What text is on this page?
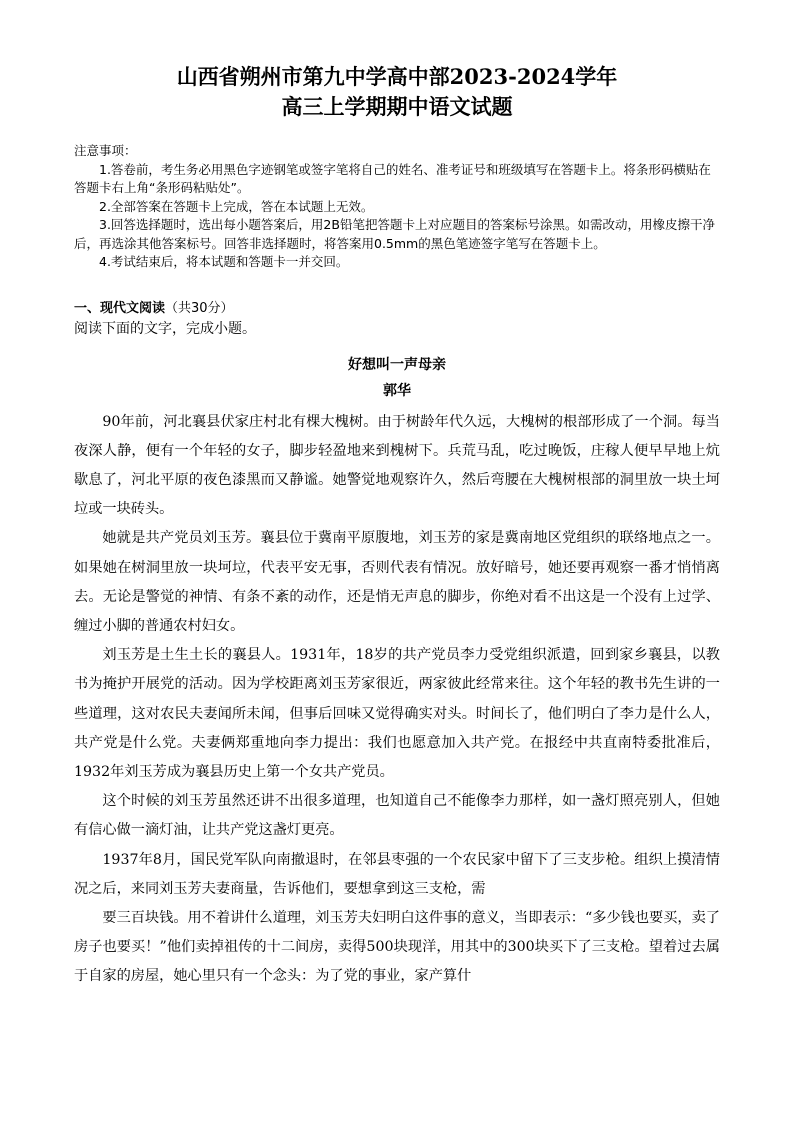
山西省朔州市第九中学高中部2023-2024学年
高三上学期期中语文试题

注意事项：

1.答卷前，考生务必用黑色字迹钢笔或签字笔将自己的姓名、准考证号和班级填写在答题卡上。将条形码横贴在答题卡右上角“条形码粘贴处”。

2.全部答案在答题卡上完成，答在本试题上无效。

3.回答选择题时，选出每小题答案后，用2B铅笔把答题卡上对应题目的答案标号涂黑。如需改动，用橡皮擦干净后，再选涂其他答案标号。回答非选择题时，将答案用0.5mm的黑色笔迹签字笔写在答题卡上。

4.考试结束后，将本试题和答题卡一并交回。

一、现代文阅读（共30分）

阅读下面的文字，完成小题。

好想叫一声母亲

郭华

90年前，河北襄县伏家庄村北有棵大槐树。由于树龄年代久远，大槐树的根部形成了一个洞。每当夜深人静，便有一个年轻的女子，脚步轻盈地来到槐树下。兵荒马乱，吃过晚饭，庄稼人便早早地上炕歇息了，河北平原的夜色漆黑而又静谧。她警觉地观察许久，然后弯腰在大槐树根部的洞里放一块土坷垃或一块砖头。

她就是共产党员刘玉芳。襄县位于冀南平原腹地，刘玉芳的家是冀南地区党组织的联络地点之一。如果她在树洞里放一块坷垃，代表平安无事，否则代表有情况。放好暗号，她还要再观察一番才悄悄离去。无论是警觉的神情、有条不紊的动作，还是悄无声息的脚步，你绝对看不出这是一个没有上过学、缠过小脚的普通农村妇女。

刘玉芳是土生土长的襄县人。1931年，18岁的共产党员李力受党组织派遣，回到家乡襄县，以教书为掩护开展党的活动。因为学校距离刘玉芳家很近，两家彼此经常来往。这个年轻的教书先生讲的一些道理，这对农民夫妻闻所未闻，但事后回味又觉得确实对头。时间长了，他们明白了李力是什么人，共产党是什么党。夫妻俩郑重地向李力提出：我们也愿意加入共产党。在报经中共直南特委批准后，1932年刘玉芳成为襄县历史上第一个女共产党员。

这个时候的刘玉芳虽然还讲不出很多道理，也知道自己不能像李力那样，如一盏灯照亮别人，但她有信心做一滴灯油，让共产党这盏灯更亮。

1937年8月，国民党军队向南撤退时，在邻县枣强的一个农民家中留下了三支步枪。组织上摸清情况之后，来同刘玉芳夫妻商量，告诉他们，要想拿到这三支枪，需

要三百块钱。用不着讲什么道理，刘玉芳夫妇明白这件事的意义，当即表示：“多少钱也要买，卖了房子也要买！”他们卖掉祖传的十二间房，卖得500块现洋，用其中的300块买下了三支枪。望着过去属于自家的房屋，她心里只有一个念头：为了党的事业，家产算什
